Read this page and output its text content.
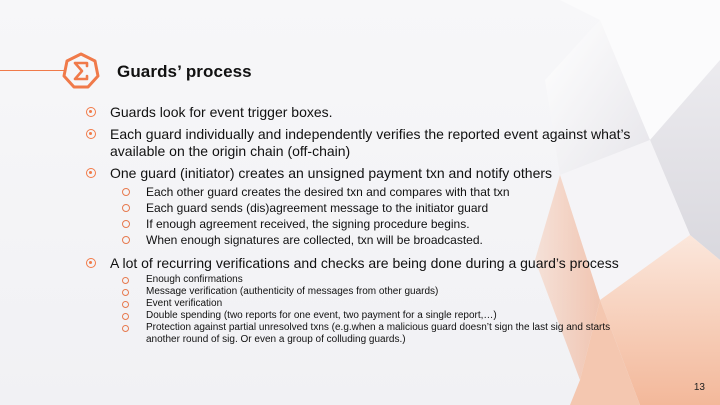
Guards’ process
Guards look for event trigger boxes.
Each guard individually and independently verifies the reported event against what’s available on the origin chain (off-chain)
One guard (initiator) creates an unsigned payment txn and notify others
Each other guard creates the desired txn and compares with that txn
Each guard sends (dis)agreement message to the initiator guard
If enough agreement received, the signing procedure begins.
When enough signatures are collected, txn will be broadcasted.
A lot of recurring verifications and checks are being done during a guard’s process
Enough confirmations
Message verification (authenticity of messages from other guards)
Event verification
Double spending (two reports for one event, two payment for a single report,…)
Protection against partial unresolved txns (e.g.when a malicious guard doesn’t sign the last sig and starts another round of sig. Or even a group of colluding guards.)
13
